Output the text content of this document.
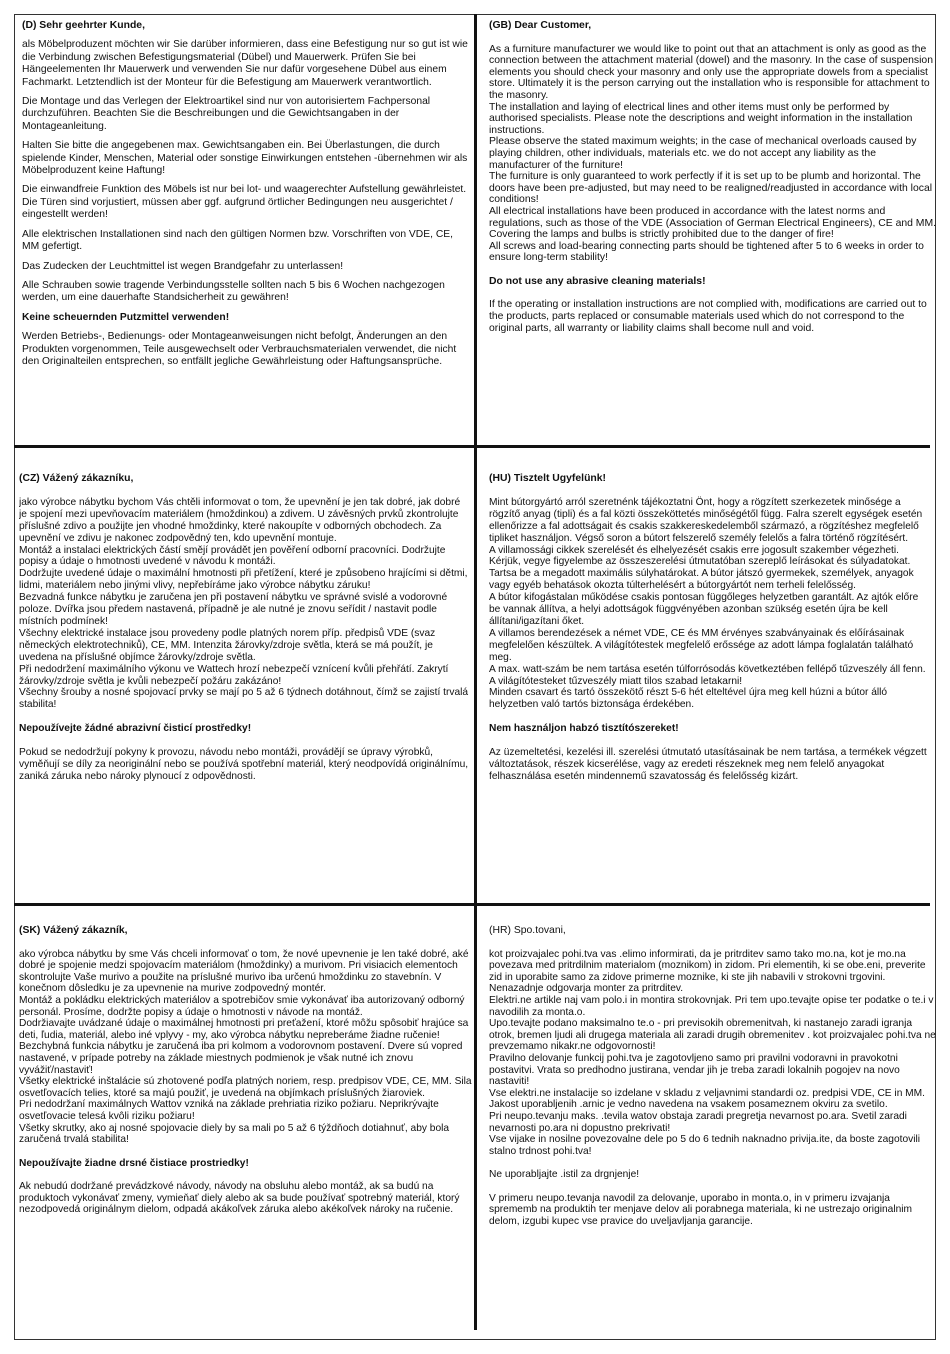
(D) Sehr geehrter Kunde,

als Möbelproduzent möchten wir Sie darüber informieren, dass eine Befestigung nur so gut ist wie die Verbindung zwischen Befestigungsmaterial (Dübel) und Mauerwerk. Prüfen Sie bei Hängeelementen Ihr Mauerwerk und verwenden Sie nur dafür vorgesehene Dübel aus einem Fachmarkt. Letztendlich ist der Monteur für die Befestigung am Mauerwerk verantwortlich.

Die Montage und das Verlegen der Elektroartikel sind nur von autorisiertem Fachpersonal durchzuführen. Beachten Sie die Beschreibungen und die Gewichtsangaben in der Montageanleitung.

Halten Sie bitte die angegebenen max. Gewichtsangaben ein. Bei Überlastungen, die durch spielende Kinder, Menschen, Material oder sonstige Einwirkungen entstehen -übernehmen wir als Möbelproduzent keine Haftung!

Die einwandfreie Funktion des Möbels ist nur bei lot- und waagerechter Aufstellung gewährleistet. Die Türen sind vorjustiert, müssen aber ggf. aufgrund örtlicher Bedingungen neu ausgerichtet / eingestellt werden!

Alle elektrischen Installationen sind nach den gültigen Normen bzw. Vorschriften von VDE, CE, MM gefertigt.

Das Zudecken der Leuchtmittel ist wegen Brandgefahr zu unterlassen!

Alle Schrauben sowie tragende Verbindungsstelle sollten nach 5 bis 6 Wochen nachgezogen werden, um eine dauerhafte Standsicherheit zu gewähren!

Keine scheuernden Putzmittel verwenden!

Werden Betriebs-, Bedienungs- oder Montageanweisungen nicht befolgt, Änderungen an den Produkten vorgenommen, Teile ausgewechselt oder Verbrauchsmaterialen verwendet, die nicht den Originalteilen entsprechen, so entfällt jegliche Gewährleistung oder Haftungsansprüche.

(GB) Dear Customer,

As a furniture manufacturer we would like to point out that an attachment is only as good as the connection between the attachment material (dowel) and the masonry. In the case of suspension elements you should check your masonry and only use the appropriate dowels from a specialist store. Ultimately it is the person carrying out the installation who is responsible for attachment to the masonry.

The installation and laying of electrical lines and other items must only be performed by authorised specialists. Please note the descriptions and weight information in the installation instructions.

Please observe the stated maximum weights; in the case of mechanical overloads caused by playing children, other individuals, materials etc. we do not accept any liability as the manufacturer of the furniture!

The furniture is only guaranteed to work perfectly if it is set up to be plumb and horizontal. The doors have been pre-adjusted, but may need to be realigned/readjusted in accordance with local conditions!

All electrical installations have been produced in accordance with the latest norms and regulations, such as those of the VDE (Association of German Electrical Engineers), CE and MM.

Covering the lamps and bulbs is strictly prohibited due to the danger of fire!

All screws and load-bearing connecting parts should be tightened after 5 to 6 weeks in order to ensure long-term stability!

Do not use any abrasive cleaning materials!

If the operating or installation instructions are not complied with, modifications are carried out to the products, parts replaced or consumable materials used which do not correspond to the original parts, all warranty or liability claims shall become null and void.

(CZ) Vážený zákazníku,

jako výrobce nábytku bychom Vás chtěli informovat o tom, že upevnění je jen tak dobré, jak dobré je spojení mezi upevňovacím materiálem (hmoždinkou) a zdivem. U závěsných prvků zkontrolujte příslušné zdivo a použijte jen vhodné hmoždinky, které nakoupíte v odborných obchodech. Za upevnění ve zdivu je nakonec zodpovědný ten, kdo upevnění montuje.

Montáž a instalaci elektrických částí smějí provádět jen pověření odborní pracovníci. Dodržujte popisy a údaje o hmotnosti uvedené v návodu k montáži.

Dodržujte uvedené údaje o maximální hmotnosti při přetížení, které je způsobeno hrajícími si dětmi, lidmi, materiálem nebo jinými vlivy, nepřebíráme jako výrobce nábytku záruku!

Bezvadná funkce nábytku je zaručena jen při postavení nábytku ve správné svislé a vodorovné poloze. Dvířka jsou předem nastavená, případně je ale nutné je znovu seřídit / nastavit podle místních podmínek!

Všechny elektrické instalace jsou provedeny podle platných norem příp. předpisů VDE (svaz německých elektrotechniků), CE, MM. Intenzita žárovky/zdroje světla, která se má použít, je uvedena na příslušné objímce žárovky/zdroje světla.

Při nedodržení maximálního výkonu ve Wattech hrozí nebezpečí vznícení kvůli přehřátí. Zakrytí žárovky/zdroje světla je kvůli nebezpečí požáru zakázáno!

Všechny šrouby a nosné spojovací prvky se mají po 5 až 6 týdnech dotáhnout, čímž se zajistí trvalá stabilita!

Nepoužívejte žádné abrazivní čisticí prostředky!

Pokud se nedodržují pokyny k provozu, návodu nebo montáži, provádějí se úpravy výrobků, vyměňují se díly za neoriginální nebo se používá spotřební materiál, který neodpovídá originálnímu, zaniká záruka nebo nároky plynoucí z odpovědnosti.

(HU) Tisztelt Ügyfelünk!

Mint bútorgyártó arról szeretnénk tájékoztatni Önt, hogy a rögzített szerkezetek minősége a rögzítő anyag (tipli) és a fal közti összeköttetés minőségétől függ. Falra szerelt egységek esetén ellenőrizze a fal adottságait és csakis szakkereskedelemből származó, a rögzítéshez megfelelő tipliket használjon. Végső soron a bútort felszerelő személy felelős a falra történő rögzítésért.

A villamossági cikkek szerelését és elhelyezését csakis erre jogosult szakember végezheti. Kérjük, vegye figyelembe az összeszerelési útmutatóban szereplő leírásokat és súlyadatokat.

Tartsa be a megadott maximális súlyhatárokat. A bútor játszó gyermekek, személyek, anyagok vagy egyéb behatások okozta túlterhelésért a bútorgyártót nem terheli felelősség.

A bútor kifogástalan működése csakis pontosan függőleges helyzetben garantált. Az ajtók előre be vannak állítva, a helyi adottságok függvényében azonban szükség esetén újra be kell állítani/igazítani őket.

A villamos berendezések a német VDE, CE és MM érvényes szabványainak és előírásainak megfelelően készültek. A világítótestek megfelelő erőssége az adott lámpa foglalatán található meg.

A max. watt-szám be nem tartása esetén túlforrósodás következtében fellépő tűzveszély áll fenn. A világítótesteket tűzveszély miatt tilos szabad letakarni!

Minden csavart és tartó összekötő részt 5-6 hét elteltével újra meg kell húzni a bútor álló helyzetben való tartós biztonsága érdekében.

Nem használjon habzó tisztítószereket!

Az üzemeltetési, kezelési ill. szerelési útmutató utasításainak be nem tartása, a termékek végzett változtatások, részek kicserélése, vagy az eredeti részeknek meg nem felelő anyagokat felhasználása esetén mindennemű szavatosság és felelősség kizárt.

(SK) Vážený zákazník,

ako výrobca nábytku by sme Vás chceli informovať o tom, že nové upevnenie je len také dobré, aké dobré je spojenie medzi spojovacím materiálom (hmoždinky) a murivom. Pri visiacich elementoch skontrolujte Vaše murivo a použite na príslušné murivo iba určenú hmoždinku zo stavebnín. V konečnom dôsledku je za upevnenie na murive zodpovedný montér.

Montáž a pokládku elektrických materiálov a spotrebičov smie vykonávať iba autorizovaný odborný personál. Prosíme, dodržte popisy a údaje o hmotnosti v návode na montáž.

Dodržiavajte uvádzané údaje o maximálnej hmotnosti pri preťažení, ktoré môžu spôsobiť hrajúce sa deti, ľudia, materiál, alebo iné vplyvy - my, ako výrobca nábytku nepreberáme žiadne ručenie!

Bezchybná funkcia nábytku je zaručená iba pri kolmom a vodorovnom postavení. Dvere sú vopred nastavené, v prípade potreby na základe miestnych podmienok je však nutné ich znovu vyvážiť/nastaviť!

Všetky elektrické inštalácie sú zhotovené podľa platných noriem, resp. predpisov VDE, CE, MM. Sila osvetľovacích telies, ktoré sa majú použiť, je uvedená na objímkach príslušných žiaroviek.

Pri nedodržaní maximálnych Wattov vzniká na základe prehriatia riziko požiaru. Neprikrývajte osvetľovacie telesá kvôli riziku požiaru!

Všetky skrutky, ako aj nosné spojovacie diely by sa mali po 5 až 6 týždňoch dotiahnuť, aby bola zaručená trvalá stabilita!

Nepoužívajte žiadne drsné čistiace prostriedky!

Ak nebudú dodržané prevádzkové návody, návody na obsluhu alebo montáž, ak sa budú na produktoch vykonávať zmeny, vymieňať diely alebo ak sa bude používať spotrebný materiál, ktorý nezodpovedá originálnym dielom, odpadá akákoľvek záruka alebo akékoľvek nároky na ručenie.

(HR) Spo.tovani,

kot proizvajalec pohi.tva vas .elimo informirati, da je pritrditev samo tako mo.na, kot je mo.na povezava med pritrdilnim materialom (moznikom) in zidom. Pri elementih, ki se obe.eni, preverite zid in uporabite samo za zidove primerne moznike, ki ste jih nabavili v strokovni trgovini. Nenazadnje odgovarja monter za pritrditev.

Elektri.ne artikle naj vam polo.i in montira strokovnjak. Pri tem upo.tevajte opise ter podatke o te.i v navodilih za monta.o.

Upo.tevajte podano maksimalno te.o - pri previsokih obremenitvah, ki nastanejo zaradi igranja otrok, bremen ljudi ali drugega materiala ali zaradi drugih obremenitev . kot proizvajalec pohi.tva ne prevzemamo nikakr.ne odgovornosti!

Pravilno delovanje funkcij pohi.tva je zagotovljeno samo pri pravilni vodoravni in pravokotni postavitvi. Vrata so predhodno justirana, vendar jih je treba zaradi lokalnih pogojev na novo nastaviti!

Vse elektri.ne instalacije so izdelane v skladu z veljavnimi standardi oz. predpisi VDE, CE in MM. Jakost uporabljenih .arnic je vedno navedena na vsakem posameznem okviru za svetilo.

Pri neupo.tevanju maks. .tevila watov obstaja zaradi pregretja nevarnost po.ara. Svetil zaradi nevarnosti po.ara ni dopustno prekrivati!

Vse vijake in nosilne povezovalne dele po 5 do 6 tednih naknadno privija.ite, da boste zagotovili stalno trdnost pohi.tva!

Ne uporabljajte .istil za drgnjenje!

V primeru neupo.tevanja navodil za delovanje, uporabo in monta.o, in v primeru izvajanja sprememb na produktih ter menjave delov ali porabnega materiala, ki ne ustrezajo originalnim delom, izgubi kupec vse pravice do uveljavljanja garancije.
